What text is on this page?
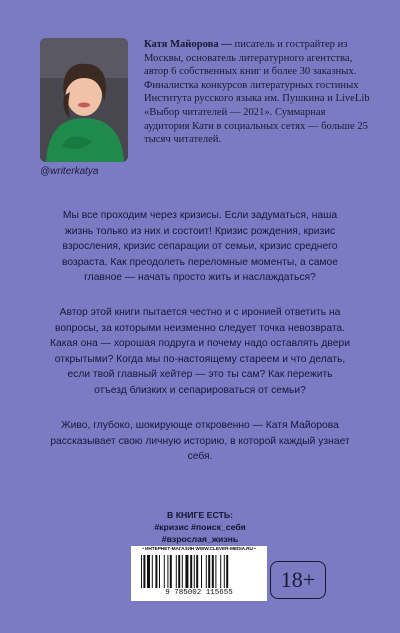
@writerkatya
Катя Майорова — писатель и гострайтер из Москвы, основатель литературного агентства, автор 6 собственных книг и более 30 заказных. Финалистка конкурсов литературных гостиных Института русского языка им. Пушкина и LiveLib «Выбор читателей — 2021». Суммарная аудитория Кати в социальных сетях — больше 25 тысяч читателей.
Мы все проходим через кризисы. Если задуматься, наша жизнь только из них и состоит! Кризис рождения, кризис взросления, кризис сепарации от семьи, кризис среднего возраста. Как преодолеть переломные моменты, а самое главное — начать просто жить и наслаждаться?
Автор этой книги пытается честно и с иронией ответить на вопросы, за которыми неизменно следует точка невозврата. Какая она — хорошая подруга и почему надо оставлять двери открытыми? Когда мы по-настоящему стареем и что делать, если твой главный хейтер — это ты сам? Как пережить отъезд близких и сепарироваться от семьи?
Живо, глубоко, шокирующе откровенно — Катя Майорова рассказывает свою личную историю, в которой каждый узнает себя.
В КНИГЕ ЕСТЬ:
#кризис #поиск_себя
#взрослая_жизнь
• ИНТЕРНЕТ-МАГАЗИН WWW.CLEVER-MEDIA.RU •
9 785002 115655
18+
